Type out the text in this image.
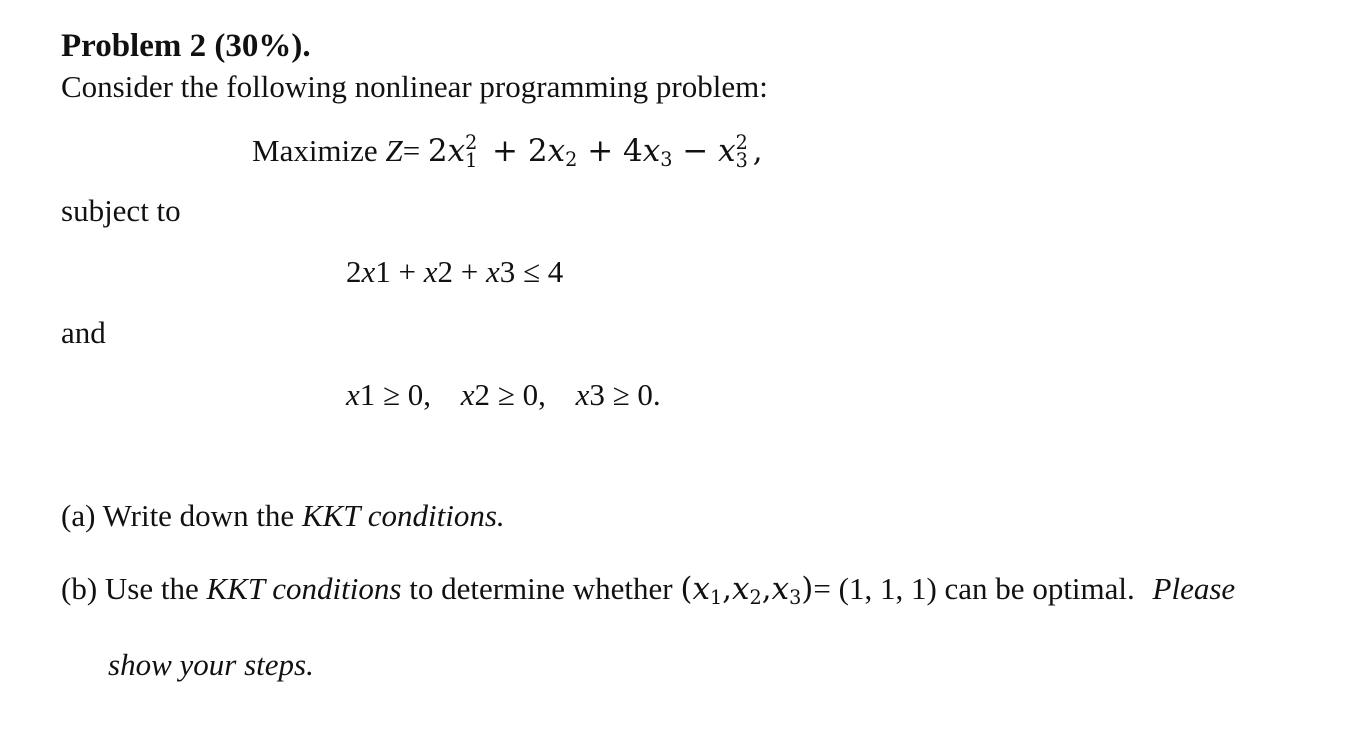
Problem 2 (30%).
Consider the following nonlinear programming problem:
Maximize Z= 2x 2
$1 + 2x_2 + 4x_3 - x$ 2
3 ,
subject to
2x1 + x2 + x3 ≤ 4
and
x1 ≥ 0, x2 ≥ 0, x3 ≥ 0.
(a) Write down the KKT conditions.
(b) Use the KKT conditions to determine whether $(x_1,x_2,x_3)= (1$, 1, 1) can be optimal. Please
show your steps.
